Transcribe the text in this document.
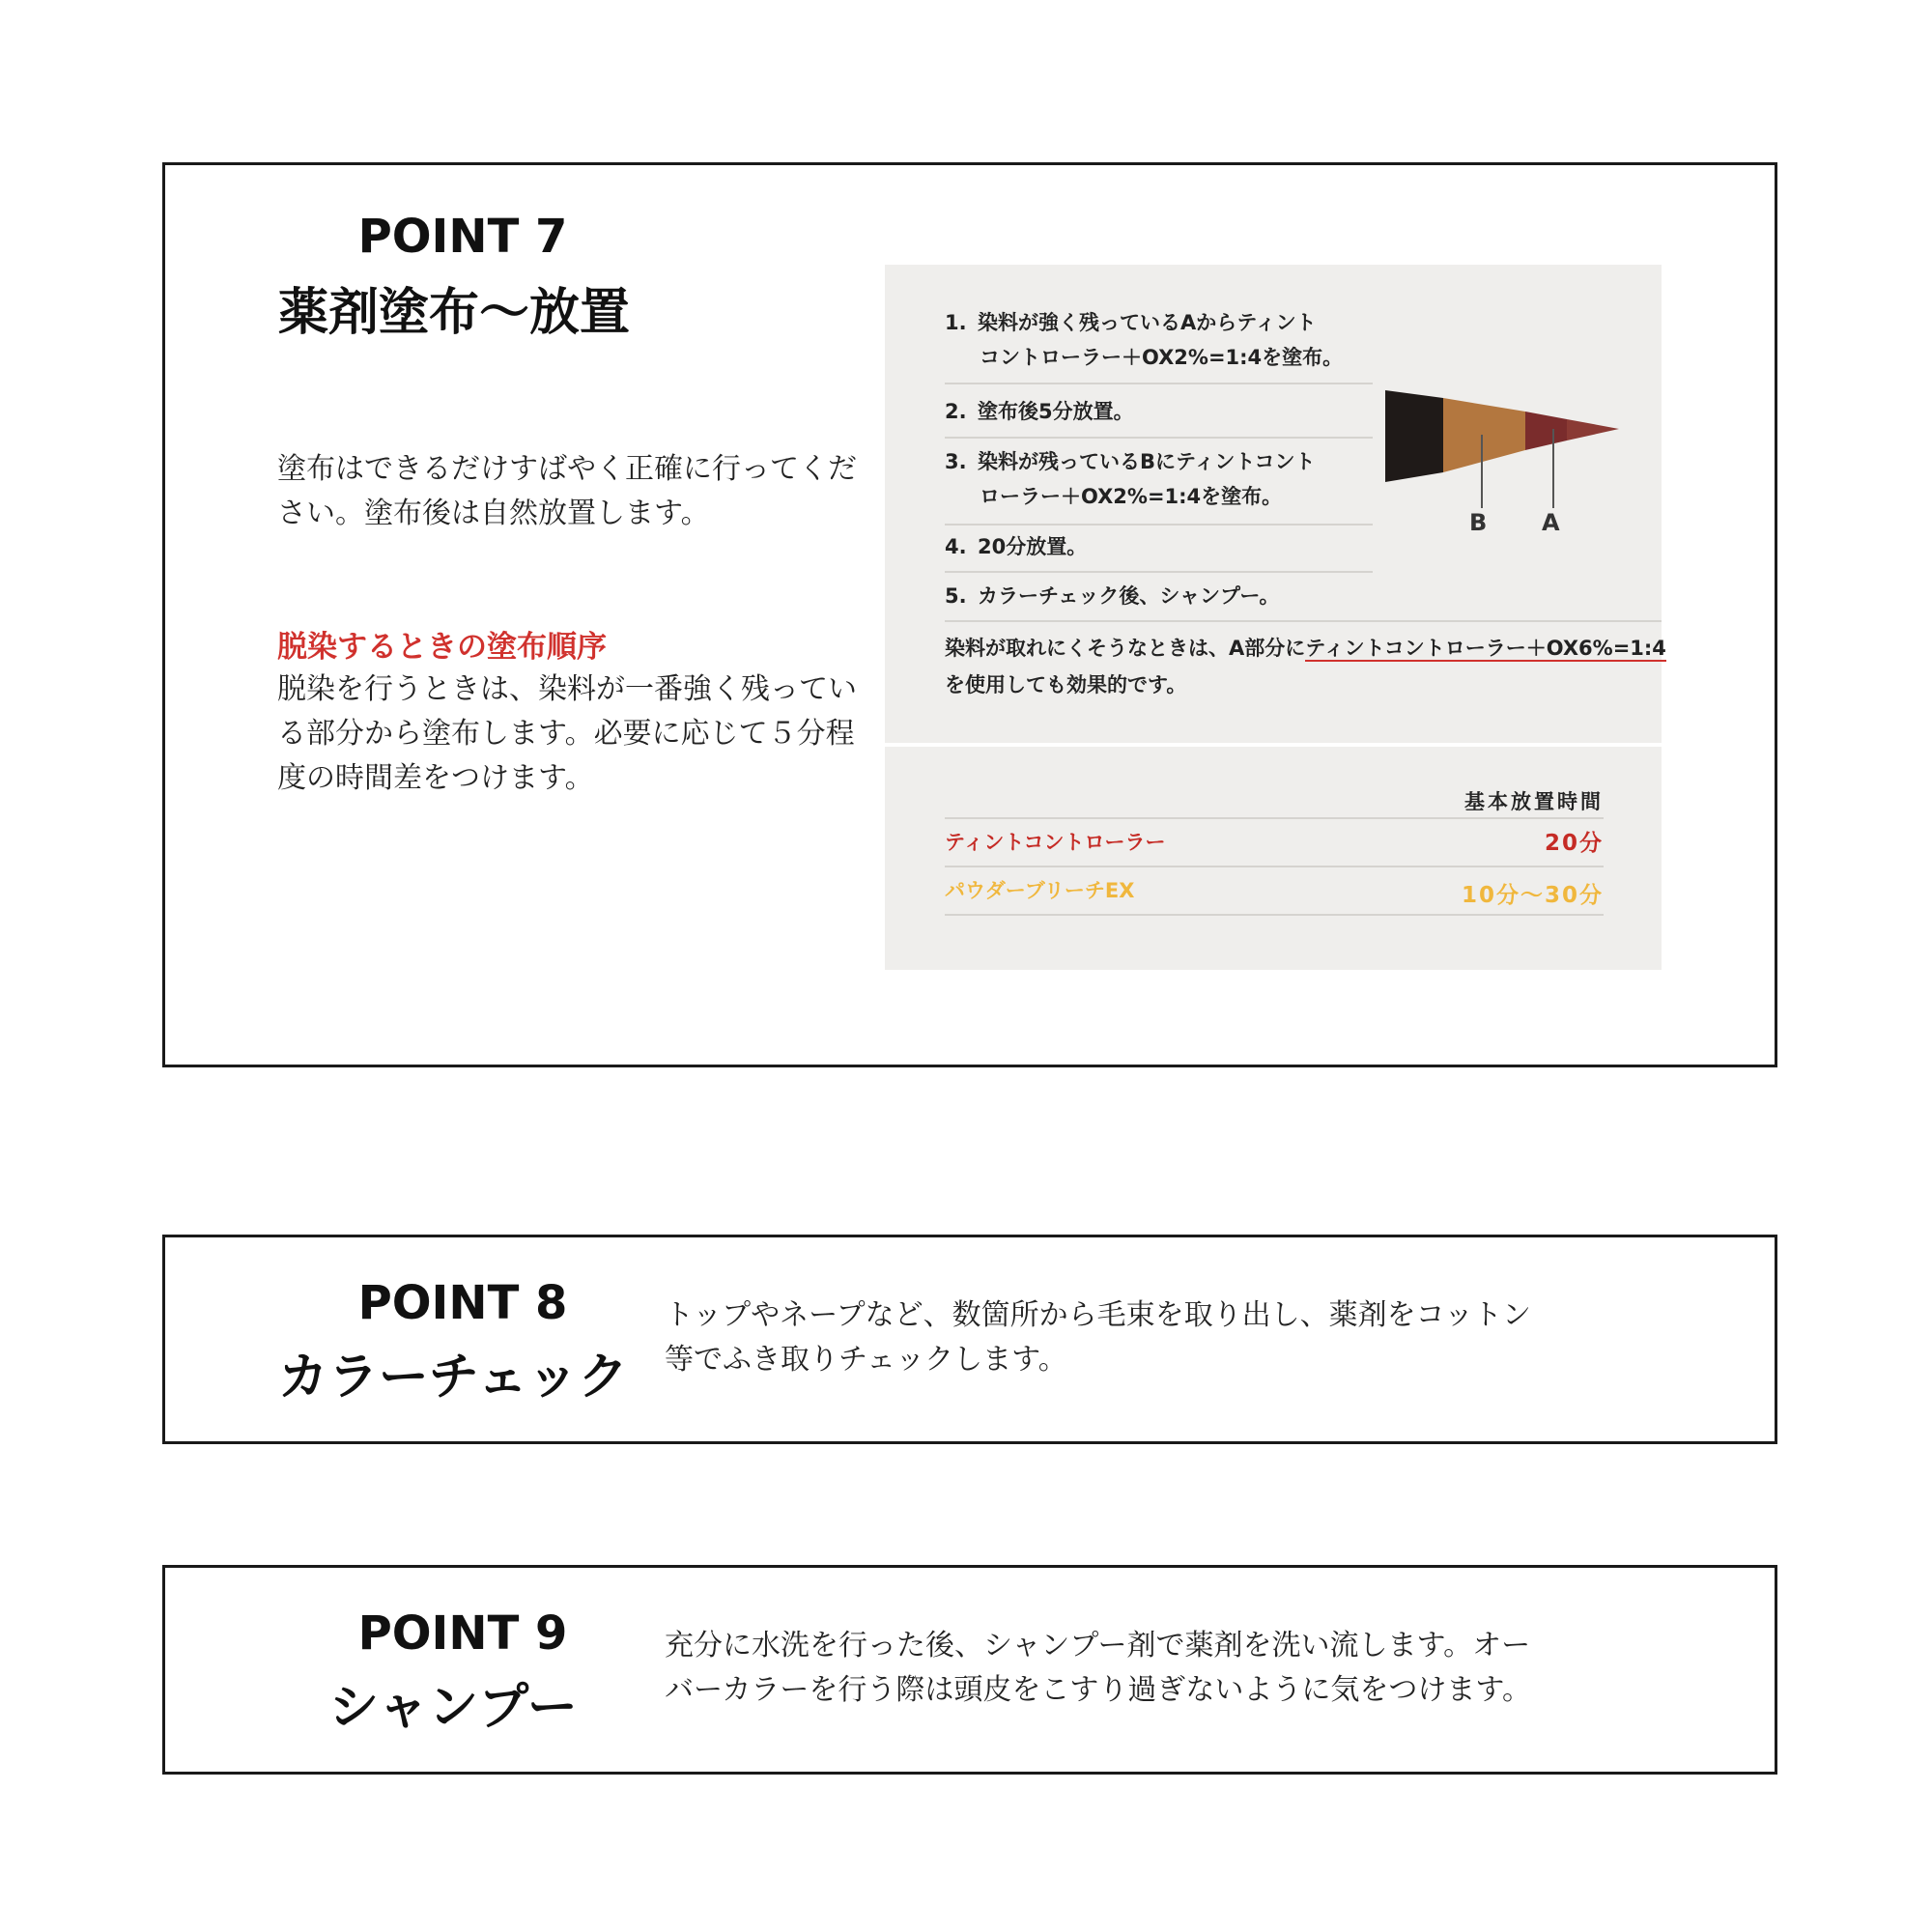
POINT 7
薬剤塗布〜放置
塗布はできるだけすばやく正確に行ってください。塗布後は自然放置します。
脱染するときの塗布順序
脱染を行うときは、染料が一番強く残っている部分から塗布します。必要に応じて５分程度の時間差をつけます。
1. 染料が強く残っているAからティント
コントローラー＋OX2%=1:4を塗布。
2. 塗布後5分放置。
3. 染料が残っているBにティントコント
ローラー＋OX2%=1:4を塗布。
4. 20分放置。
5. カラーチェック後、シャンプー。
染料が取れにくそうなときは、A部分にティントコントローラー＋OX6%=1:4を使用しても効果的です。
B A
基本放置時間
ティントコントローラー	20分
パウダーブリーチEX	10分〜30分
POINT 8
カラーチェック
トップやネープなど、数箇所から毛束を取り出し、薬剤をコットン
等でふき取りチェックします。
POINT 9
シャンプー
充分に水洗を行った後、シャンプー剤で薬剤を洗い流します。オー
バーカラーを行う際は頭皮をこすり過ぎないように気をつけます。
